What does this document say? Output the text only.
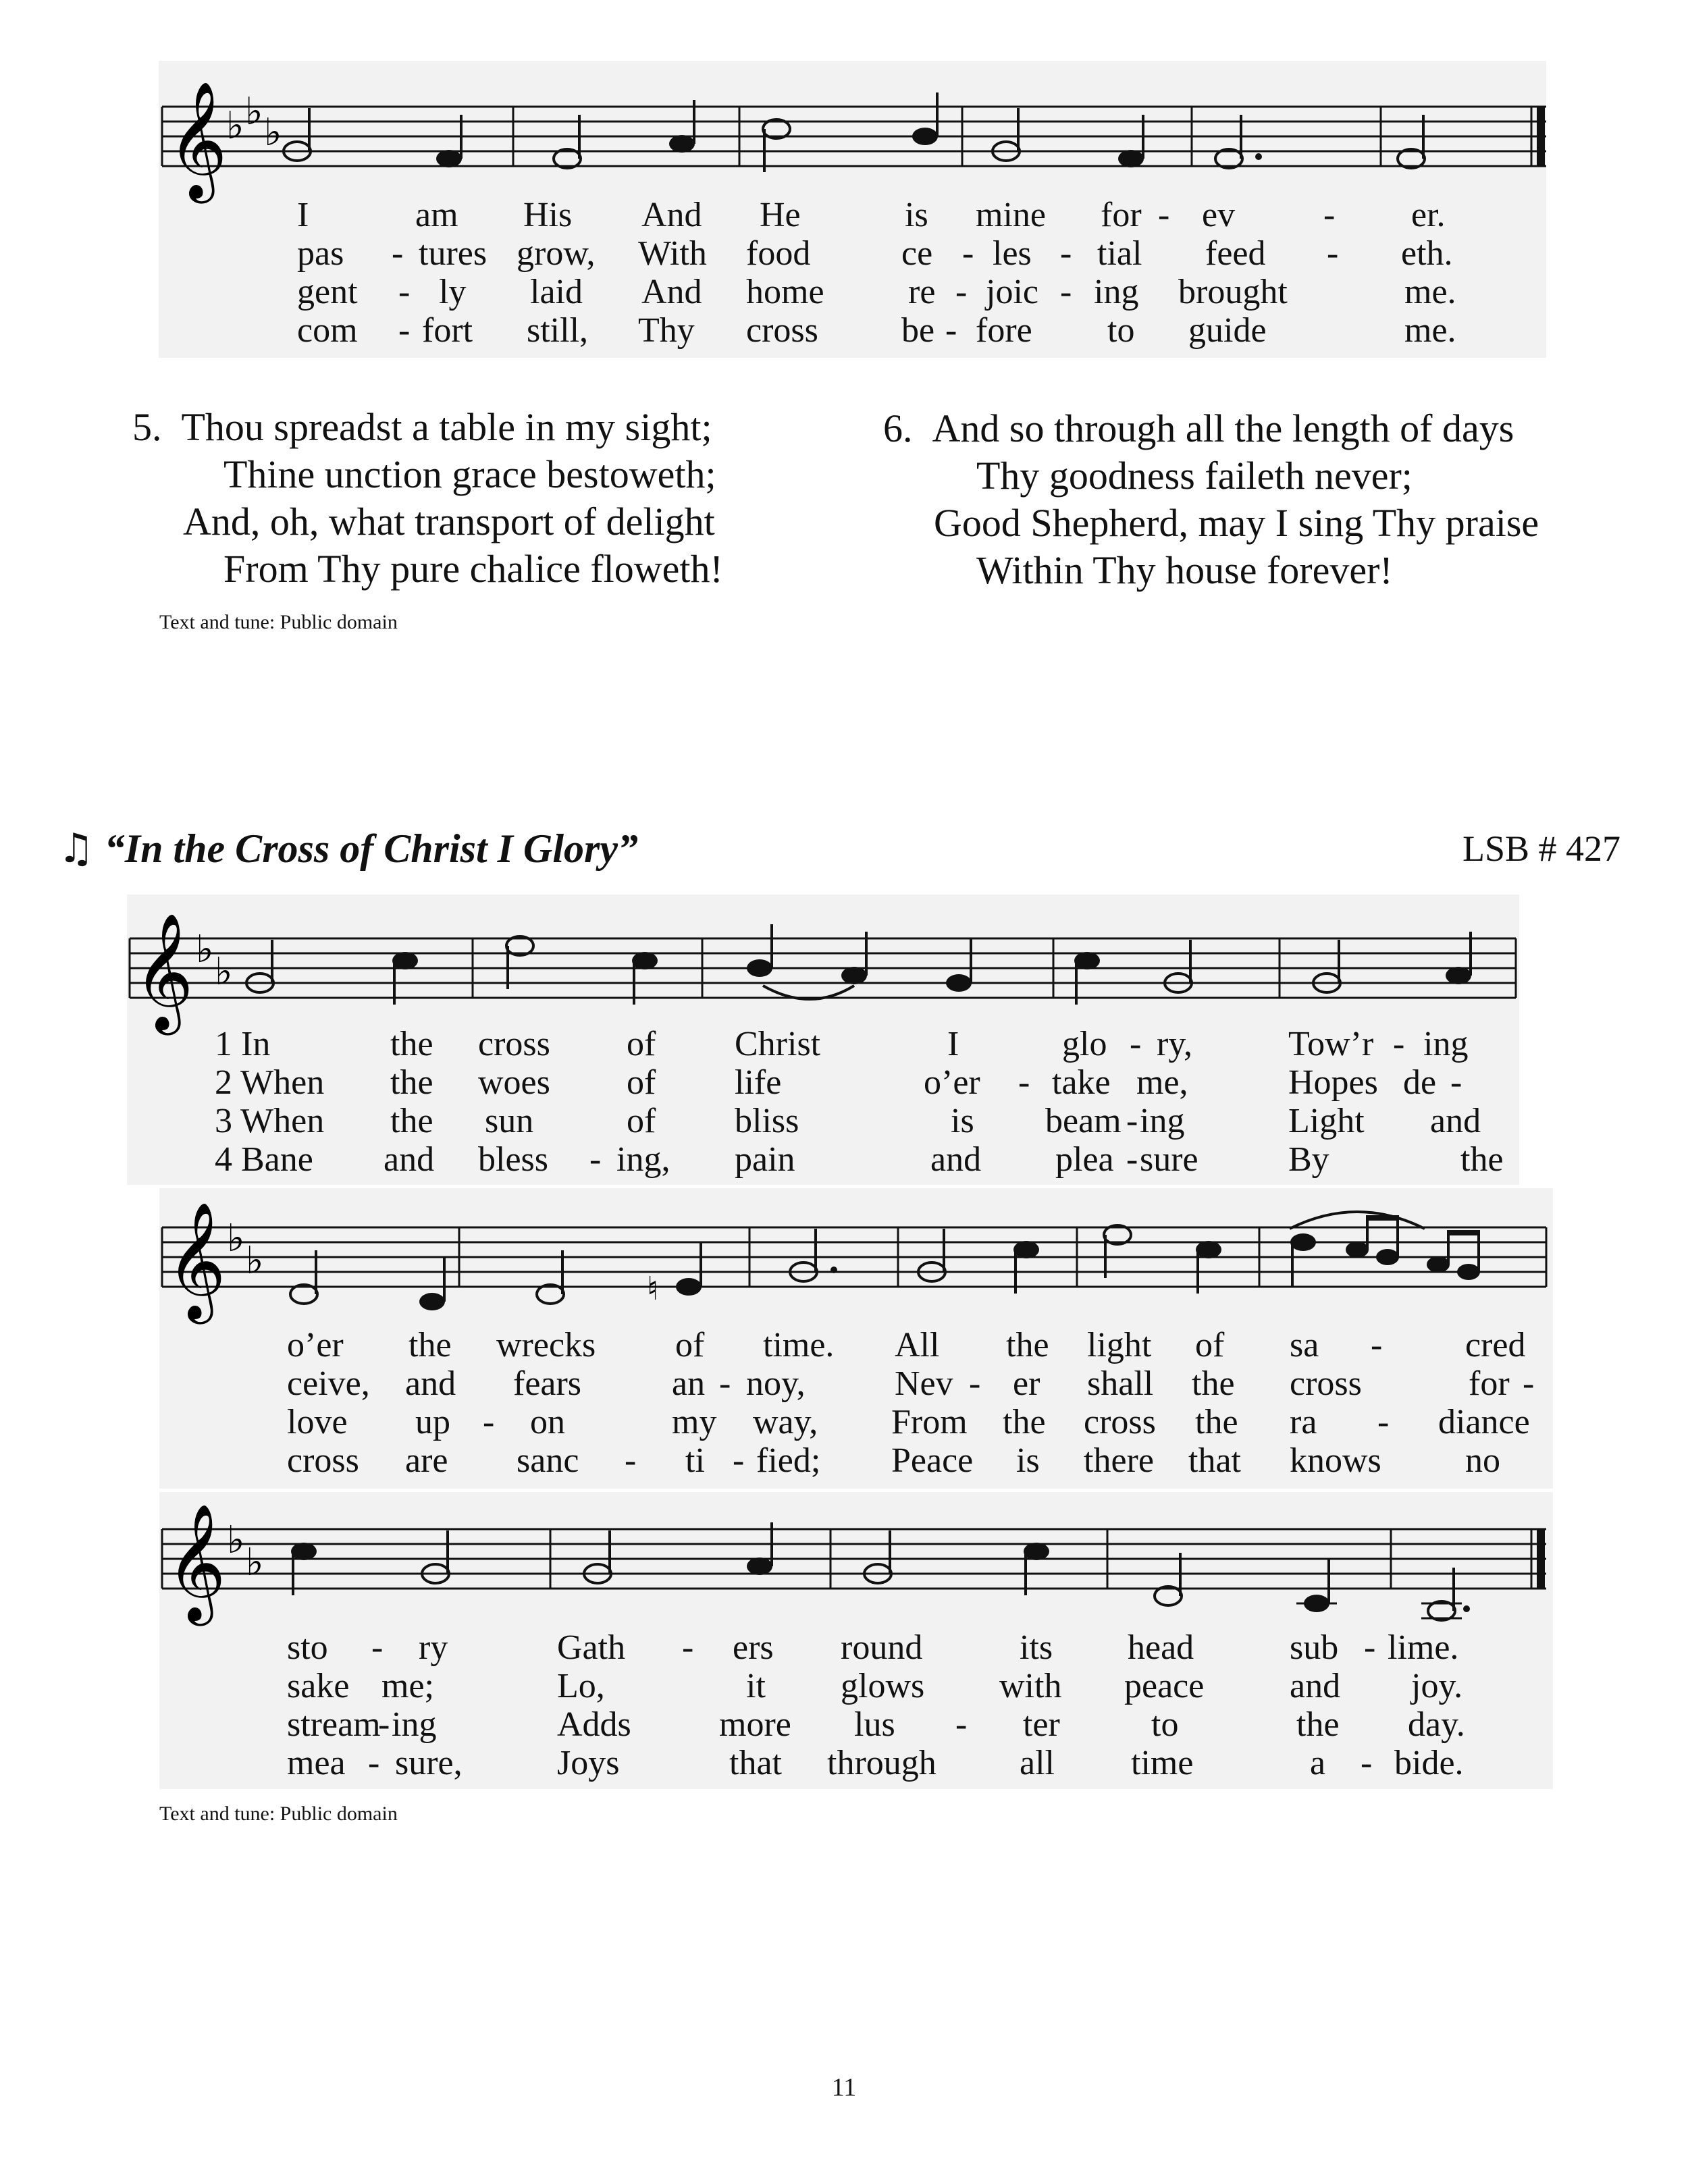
𝄞
♭ ♭ ♭
I	am His And He	is mine for - ev	- er.
pas - tures grow, With food	ce - les - tial feed - eth.
gent - ly laid And home re - joic - ing brought	me.
com - fort still, Thy cross be - fore to guide	me.
5. Thou spreadst a table in my sight;
Thine unction grace bestoweth;
And, oh, what transport of delight
From Thy pure chalice floweth!
6. And so through all the length of days
Thy goodness faileth never;
Good Shepherd, may I sing Thy praise
Within Thy house forever!
Text and tune: Public domain
♫ “In the Cross of Christ I Glory”	LSB # 427
𝄞 ♭
♭
𝄞 ♭
♭
♮
𝄞 ♭
♭
1 In	the cross of Christ	I	glo - ry,	Tow’r - ing
2 When the woes of life	o’er - take me,	Hopes de -
3 When the sun	of bliss	is beam - ing	Light and
4 Bane and bless - ing, pain	and plea - sure	By	the
o’er the wrecks of time. All the light of sa - cred
ceive, and fears	an - noy,	Nev - er shall the cross	for -
love up - on	my way, From the cross the ra - diance
cross are sanc - ti - fied; Peace is there that knows no
sto - ry	Gath - ers round	its head	sub - lime.
sake me;	Lo,	it glows with peace and joy.
stream
- ing	Adds	more lus - ter	to	the day.
mea - sure,	Joys	that through all time	a - bide.
Text and tune: Public domain
11
